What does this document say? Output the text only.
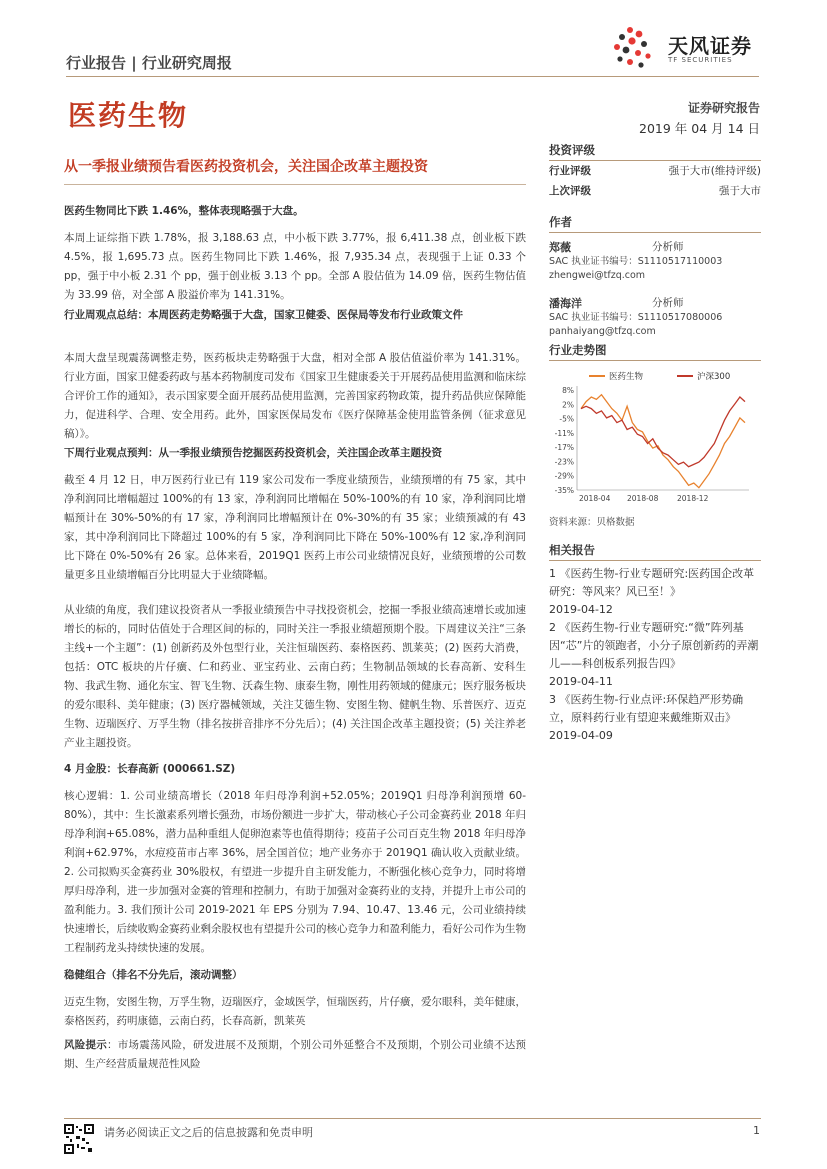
行业报告 | 行业研究周报
天风证券
TF SECURITIES
医药生物	证券研究报告
2019 年 04 月 14 日
从一季报业绩预告看医药投资机会，关注国企改革主题投资
医药生物同比下跌 1.46%，整体表现略强于大盘。
本周上证综指下跌 1.78%，报 3,188.63 点，中小板下跌 3.77%，报 6,411.38 点，创业板下跌 4.5%，报 1,695.73 点。医药生物同比下跌 1.46%，报 7,935.34 点，表现强于上证 0.33 个 pp，强于中小板 2.31 个 pp，强于创业板 3.13 个 pp。全部 A 股估值为 14.09 倍，医药生物估值为 33.99 倍，对全部 A 股溢价率为 141.31%。
行业周观点总结：本周医药走势略强于大盘，国家卫健委、医保局等发布行业政策文件
本周大盘呈现震荡调整走势，医药板块走势略强于大盘，相对全部 A 股估值溢价率为 141.31%。行业方面，国家卫健委药政与基本药物制度司发布《国家卫生健康委关于开展药品使用监测和临床综合评价工作的通知》，表示国家要全面开展药品使用监测，完善国家药物政策，提升药品供应保障能力，促进科学、合理、安全用药。此外，国家医保局发布《医疗保障基金使用监管条例（征求意见稿）》。
下周行业观点预判：从一季报业绩预告挖掘医药投资机会，关注国企改革主题投资
截至 4 月 12 日，申万医药行业已有 119 家公司发布一季度业绩预告，业绩预增的有 75 家，其中净利润同比增幅超过 100%的有 13 家，净利润同比增幅在 50%-100%的有 10 家，净利润同比增幅预计在 30%-50%的有 17 家，净利润同比增幅预计在 0%-30%的有 35 家；业绩预减的有 43 家，其中净利润同比下降超过 100%的有 5 家，净利润同比下降在 50%-100%有 12 家,净利润同比下降在 0%-50%有 26 家。总体来看，2019Q1 医药上市公司业绩情况良好，业绩预增的公司数量更多且业绩增幅百分比明显大于业绩降幅。
从业绩的角度，我们建议投资者从一季报业绩预告中寻找投资机会，挖掘一季报业绩高速增长或加速增长的标的，同时估值处于合理区间的标的，同时关注一季报业绩超预期个股。下周建议关注“三条主线+一个主题”：(1) 创新药及外包型行业，关注恒瑞医药、泰格医药、凯莱英；(2) 医药大消费，包括：OTC 板块的片仔癀、仁和药业、亚宝药业、云南白药；生物制品领域的长春高新、安科生物、我武生物、通化东宝、智飞生物、沃森生物、康泰生物，刚性用药领域的健康元；医疗服务板块的爱尔眼科、美年健康；(3) 医疗器械领域，关注艾德生物、安图生物、健帆生物、乐普医疗、迈克生物、迈瑞医疗、万孚生物（排名按拼音排序不分先后）；(4) 关注国企改革主题投资；(5) 关注养老产业主题投资。
4 月金股：长春高新 (000661.SZ)
核心逻辑：1. 公司业绩高增长（2018 年归母净利润+52.05%；2019Q1 归母净利润预增 60- 80%），其中：生长激素系列增长强劲，市场份额进一步扩大，带动核心子公司金赛药业 2018 年归母净利润+65.08%，潜力品种重组人促卵泡素等也值得期待；疫苗子公司百克生物 2018 年归母净利润+62.97%，水痘疫苗市占率 36%，居全国首位；地产业务亦于 2019Q1 确认收入贡献业绩。2. 公司拟购买金赛药业 30%股权，有望进一步提升自主研发能力，不断强化核心竞争力，同时将增厚归母净利，进一步加强对金赛的管理和控制力，有助于加强对金赛药业的支持，并提升上市公司的盈利能力。3. 我们预计公司 2019-2021 年 EPS 分别为 7.94、10.47、13.46 元，公司业绩持续快速增长，后续收购金赛药业剩余股权也有望提升公司的核心竞争力和盈利能力，看好公司作为生物工程制药龙头持续快速的发展。
稳健组合（排名不分先后，滚动调整）
迈克生物，安图生物，万孚生物，迈瑞医疗，金域医学，恒瑞医药，片仔癀，爱尔眼科，美年健康，泰格医药，药明康德，云南白药，长春高新，凯莱英
风险提示：市场震荡风险，研发进展不及预期，个别公司外延整合不及预期，个别公司业绩不达预期、生产经营质量规范性风险
投资评级
行业评级	强于大市(维持评级)
上次评级	强于大市
作者
郑薇	分析师
SAC 执业证书编号：S1110517110003
zhengwei@tfzq.com
潘海洋	分析师
SAC 执业证书编号：S1110517080006
panhaiyang@tfzq.com
行业走势图
医药生物	沪深300
8%
2%
-5%
-11%
-17%
-23%
-29%
-35%
2018-04 2018-08 2018-12
资料来源：贝格数据
相关报告
1 《医药生物-行业专题研究:医药国企改革研究：等风来？风已至！》
2019-04-12
2 《医药生物-行业专题研究:“微”阵列基因“芯”片的领跑者，小分子原创新药的弄潮儿——科创板系列报告四》
2019-04-11
3 《医药生物-行业点评:环保趋严形势确立，原料药行业有望迎来戴维斯双击》 2019-04-09
请务必阅读正文之后的信息披露和免责申明	1
